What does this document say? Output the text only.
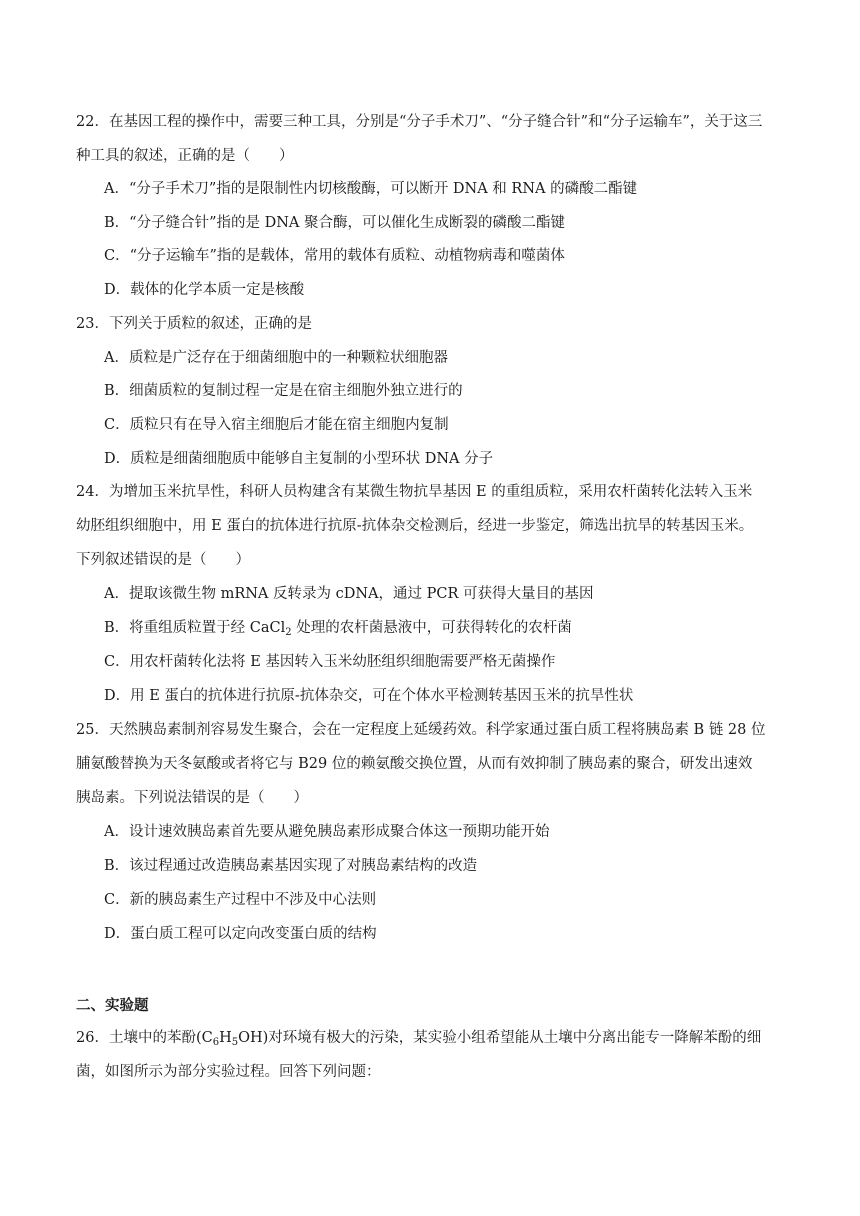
22．在基因工程的操作中，需要三种工具，分别是“分子手术刀”、“分子缝合针”和“分子运输车”，关于这三
种工具的叙述，正确的是（　　）
A．“分子手术刀”指的是限制性内切核酸酶，可以断开 DNA 和 RNA 的磷酸二酯键
B．“分子缝合针”指的是 DNA 聚合酶，可以催化生成断裂的磷酸二酯键
C．“分子运输车”指的是载体，常用的载体有质粒、动植物病毒和噬菌体
D．载体的化学本质一定是核酸
23．下列关于质粒的叙述，正确的是
A．质粒是广泛存在于细菌细胞中的一种颗粒状细胞器
B．细菌质粒的复制过程一定是在宿主细胞外独立进行的
C．质粒只有在导入宿主细胞后才能在宿主细胞内复制
D．质粒是细菌细胞质中能够自主复制的小型环状 DNA 分子
24．为增加玉米抗旱性，科研人员构建含有某微生物抗旱基因 E 的重组质粒，采用农杆菌转化法转入玉米
幼胚组织细胞中，用 E 蛋白的抗体进行抗原-抗体杂交检测后，经进一步鉴定，筛选出抗旱的转基因玉米。
下列叙述错误的是（　　）
A．提取该微生物 mRNA 反转录为 cDNA，通过 PCR 可获得大量目的基因
B．将重组质粒置于经 CaCl$_2$ 处理的农杆菌悬液中，可获得转化的农杆菌
C．用农杆菌转化法将 E 基因转入玉米幼胚组织细胞需要严格无菌操作
D．用 E 蛋白的抗体进行抗原-抗体杂交，可在个体水平检测转基因玉米的抗旱性状
25．天然胰岛素制剂容易发生聚合，会在一定程度上延缓药效。科学家通过蛋白质工程将胰岛素 B 链 28 位
脯氨酸替换为天冬氨酸或者将它与 B29 位的赖氨酸交换位置，从而有效抑制了胰岛素的聚合，研发出速效
胰岛素。下列说法错误的是（　　）
A．设计速效胰岛素首先要从避免胰岛素形成聚合体这一预期功能开始
B．该过程通过改造胰岛素基因实现了对胰岛素结构的改造
C．新的胰岛素生产过程中不涉及中心法则
D．蛋白质工程可以定向改变蛋白质的结构
二、实验题
26．土壤中的苯酚$(C_6H_5OH)$对环境有极大的污染，某实验小组希望能从土壤中分离出能专一降解苯酚的细
菌，如图所示为部分实验过程。回答下列问题：
